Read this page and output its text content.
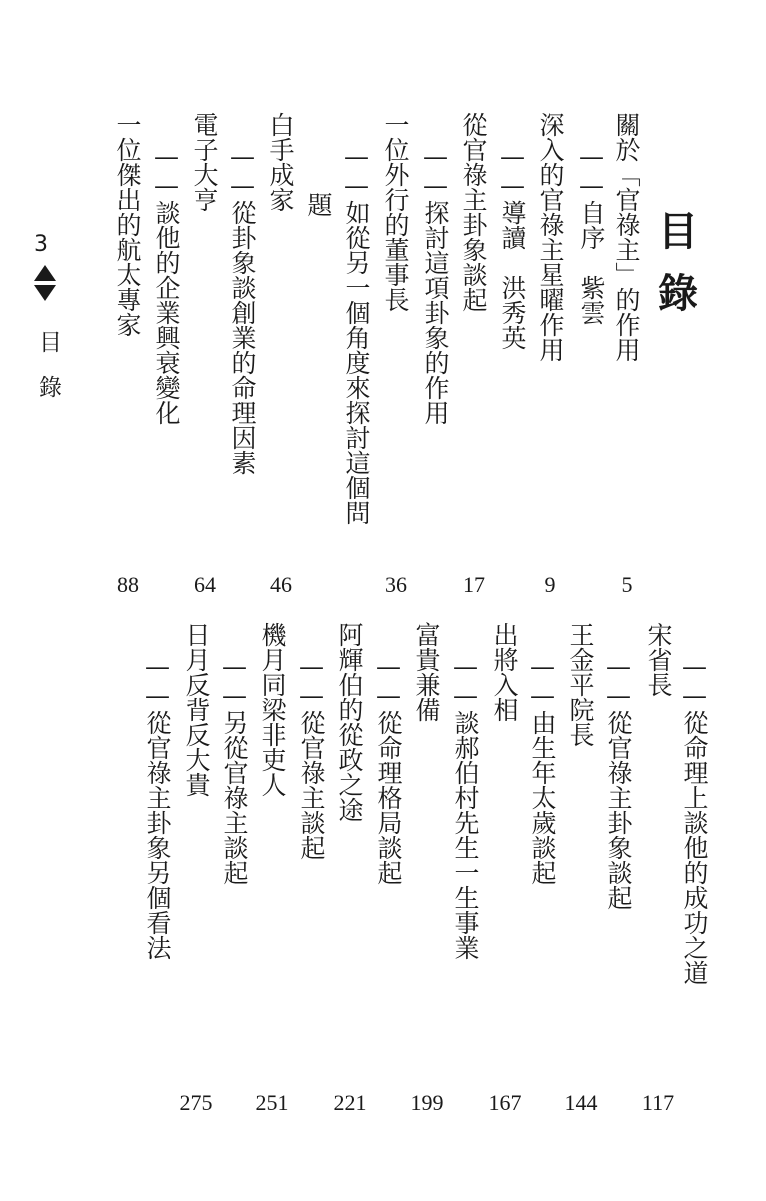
3
目錄
目
錄
關於「官祿主」的作用
5
——自序　紫雲
深入的官祿主星曜作用
9
——導讀　洪秀英
從官祿主卦象談起
17
——探討這項卦象的作用
一位外行的董事長
36
——如從另一個角度來探討這個問
題
白手成家
46
——從卦象談創業的命理因素
電子大亨
64
——談他的企業興衰變化
一位傑出的航太專家
88
——從命理上談他的成功之道
宋省長
117
——從官祿主卦象談起
王金平院長
144
——由生年太歲談起
出將入相
167
——談郝伯村先生一生事業
富貴兼備
199
——從命理格局談起
阿輝伯的從政之途
221
——從官祿主談起
機月同梁非吏人
251
——另從官祿主談起
日月反背反大貴
275
——從官祿主卦象另個看法
